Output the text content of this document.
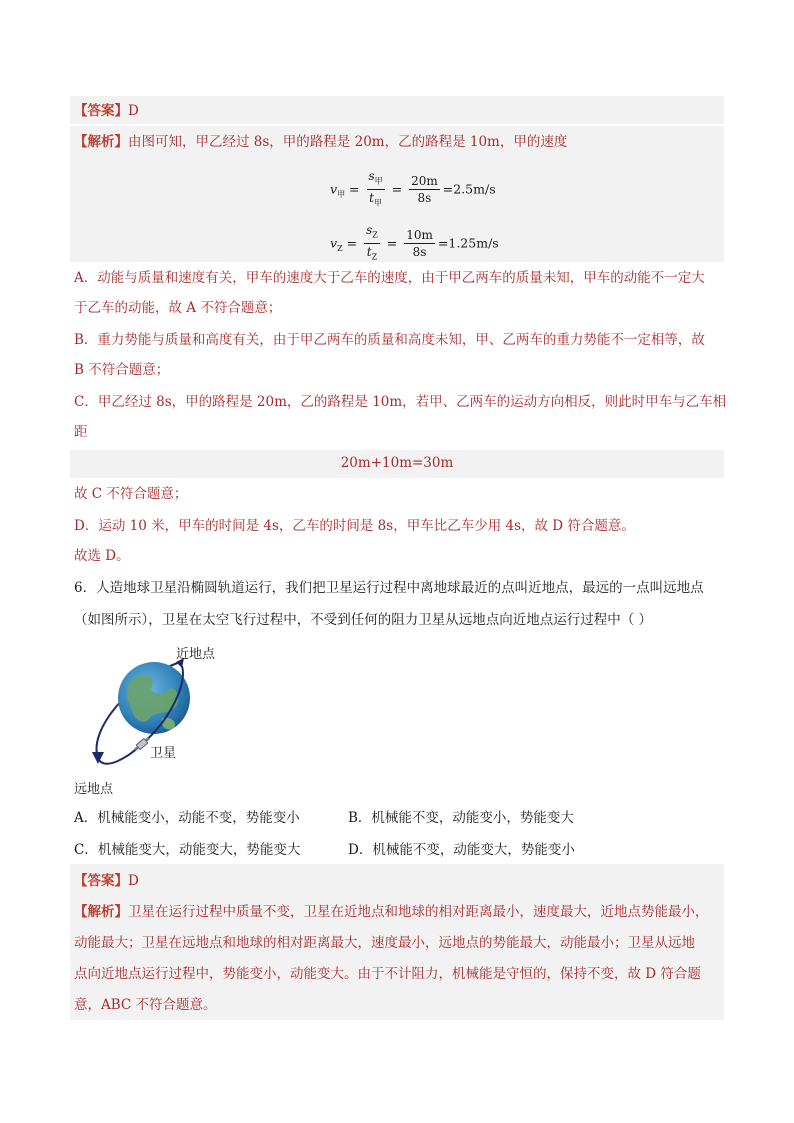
【答案】D
【解析】由图可知，甲乙经过 8s，甲的路程是 20m，乙的路程是 10m，甲的速度
$v_甲 = \frac{s_甲}{t_甲} = \frac{20m}{8s} =2.5m/s$
$v_Z = \frac{s_Z}{t_Z} = \frac{10m}{8s} =1.25m/s$
A．动能与质量和速度有关，甲车的速度大于乙车的速度，由于甲乙两车的质量未知，甲车的动能不一定大
于乙车的动能，故 A 不符合题意；
B．重力势能与质量和高度有关，由于甲乙两车的质量和高度未知，甲、乙两车的重力势能不一定相等，故
B 不符合题意；
C．甲乙经过 8s，甲的路程是 20m，乙的路程是 10m，若甲、乙两车的运动方向相反，则此时甲车与乙车相
距
20m+10m=30m
故 C 不符合题意；
D．运动 10 米，甲车的时间是 4s，乙车的时间是 8s，甲车比乙车少用 4s，故 D 符合题意。
故选 D。
6．人造地球卫星沿椭圆轨道运行，我们把卫星运行过程中离地球最近的点叫近地点，最远的一点叫远地点
（如图所示），卫星在太空飞行过程中，不受到任何的阻力卫星从远地点向近地点运行过程中（ ）
近地点
卫星
远地点
A．机械能变小，动能不变，势能变小	B．机械能不变，动能变小，势能变大
C．机械能变大，动能变大，势能变大	D．机械能不变，动能变大，势能变小
【答案】D
【解析】卫星在运行过程中质量不变，卫星在近地点和地球的相对距离最小，速度最大，近地点势能最小，
动能最大；卫星在远地点和地球的相对距离最大，速度最小，远地点的势能最大，动能最小；卫星从远地
点向近地点运行过程中，势能变小，动能变大。由于不计阻力，机械能是守恒的，保持不变，故 D 符合题
意，ABC 不符合题意。
